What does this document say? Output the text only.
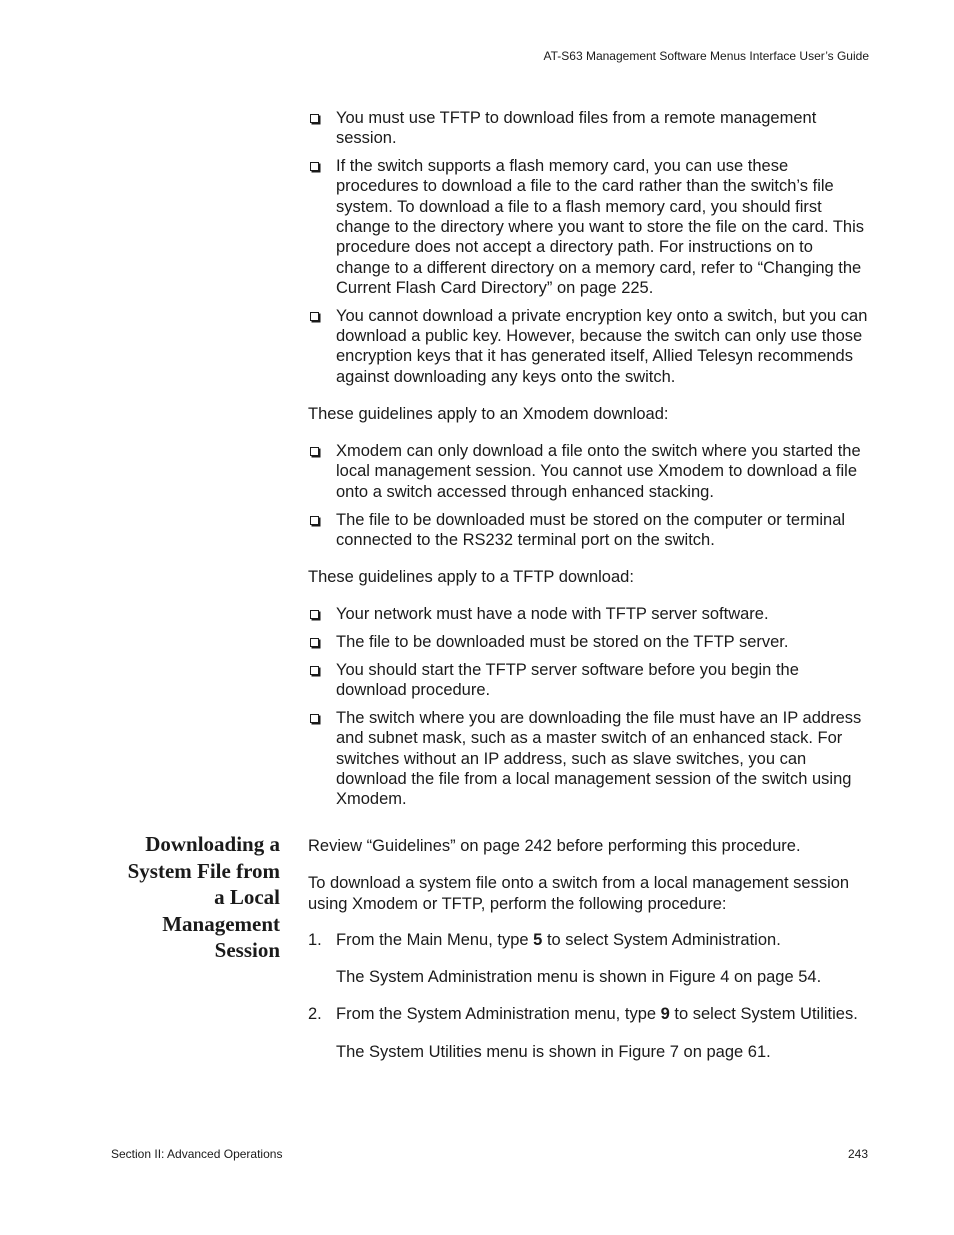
AT-S63 Management Software Menus Interface User’s Guide
You must use TFTP to download files from a remote management session.
If the switch supports a flash memory card, you can use these procedures to download a file to the card rather than the switch’s file system. To download a file to a flash memory card, you should first change to the directory where you want to store the file on the card. This procedure does not accept a directory path. For instructions on to change to a different directory on a memory card, refer to “Changing the Current Flash Card Directory” on page 225.
You cannot download a private encryption key onto a switch, but you can download a public key. However, because the switch can only use those encryption keys that it has generated itself, Allied Telesyn recommends against downloading any keys onto the switch.

These guidelines apply to an Xmodem download:

Xmodem can only download a file onto the switch where you started the local management session. You cannot use Xmodem to download a file onto a switch accessed through enhanced stacking.
The file to be downloaded must be stored on the computer or terminal connected to the RS232 terminal port on the switch.

These guidelines apply to a TFTP download:

Your network must have a node with TFTP server software.
The file to be downloaded must be stored on the TFTP server.
You should start the TFTP server software before you begin the download procedure.
The switch where you are downloading the file must have an IP address and subnet mask, such as a master switch of an enhanced stack. For switches without an IP address, such as slave switches, you can download the file from a local management session of the switch using Xmodem.
Downloading a
System File from
a Local
Management
Session

Review “Guidelines” on page 242 before performing this procedure.

To download a system file onto a switch from a local management session using Xmodem or TFTP, perform the following procedure:

1. From the Main Menu, type 5 to select System Administration.

The System Administration menu is shown in Figure 4 on page 54.

2. From the System Administration menu, type 9 to select System Utilities.

The System Utilities menu is shown in Figure 7 on page 61.

Section II: Advanced Operations	243
